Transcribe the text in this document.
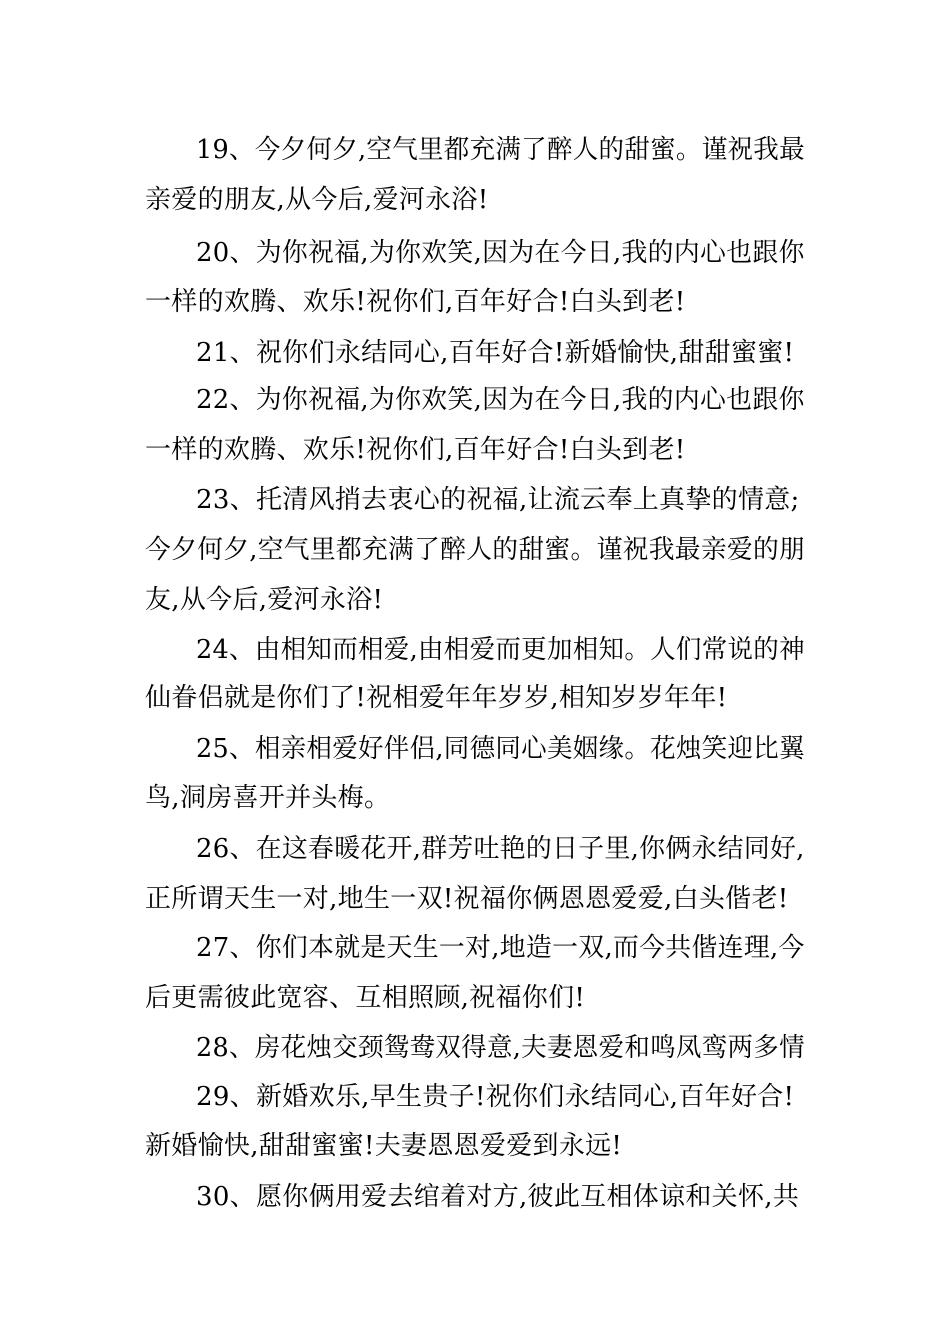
19、今夕何夕,空气里都充满了醉人的甜蜜。谨祝我最
亲爱的朋友,从今后,爱河永浴!
20、为你祝福,为你欢笑,因为在今日,我的内心也跟你
一样的欢腾、欢乐!祝你们,百年好合!白头到老!
21、祝你们永结同心,百年好合!新婚愉快,甜甜蜜蜜!
22、为你祝福,为你欢笑,因为在今日,我的内心也跟你
一样的欢腾、欢乐!祝你们,百年好合!白头到老!
23、托清风捎去衷心的祝福,让流云奉上真挚的情意;
今夕何夕,空气里都充满了醉人的甜蜜。谨祝我最亲爱的朋
友,从今后,爱河永浴!
24、由相知而相爱,由相爱而更加相知。人们常说的神
仙眷侣就是你们了!祝相爱年年岁岁,相知岁岁年年!
25、相亲相爱好伴侣,同德同心美姻缘。花烛笑迎比翼
鸟,洞房喜开并头梅。
26、在这春暖花开,群芳吐艳的日子里,你俩永结同好,
正所谓天生一对,地生一双!祝福你俩恩恩爱爱,白头偕老!
27、你们本就是天生一对,地造一双,而今共偕连理,今
后更需彼此宽容、互相照顾,祝福你们!
28、房花烛交颈鸳鸯双得意,夫妻恩爱和鸣凤鸾两多情
29、新婚欢乐,早生贵子!祝你们永结同心,百年好合!
新婚愉快,甜甜蜜蜜!夫妻恩恩爱爱到永远!
30、愿你俩用爱去绾着对方,彼此互相体谅和关怀,共
